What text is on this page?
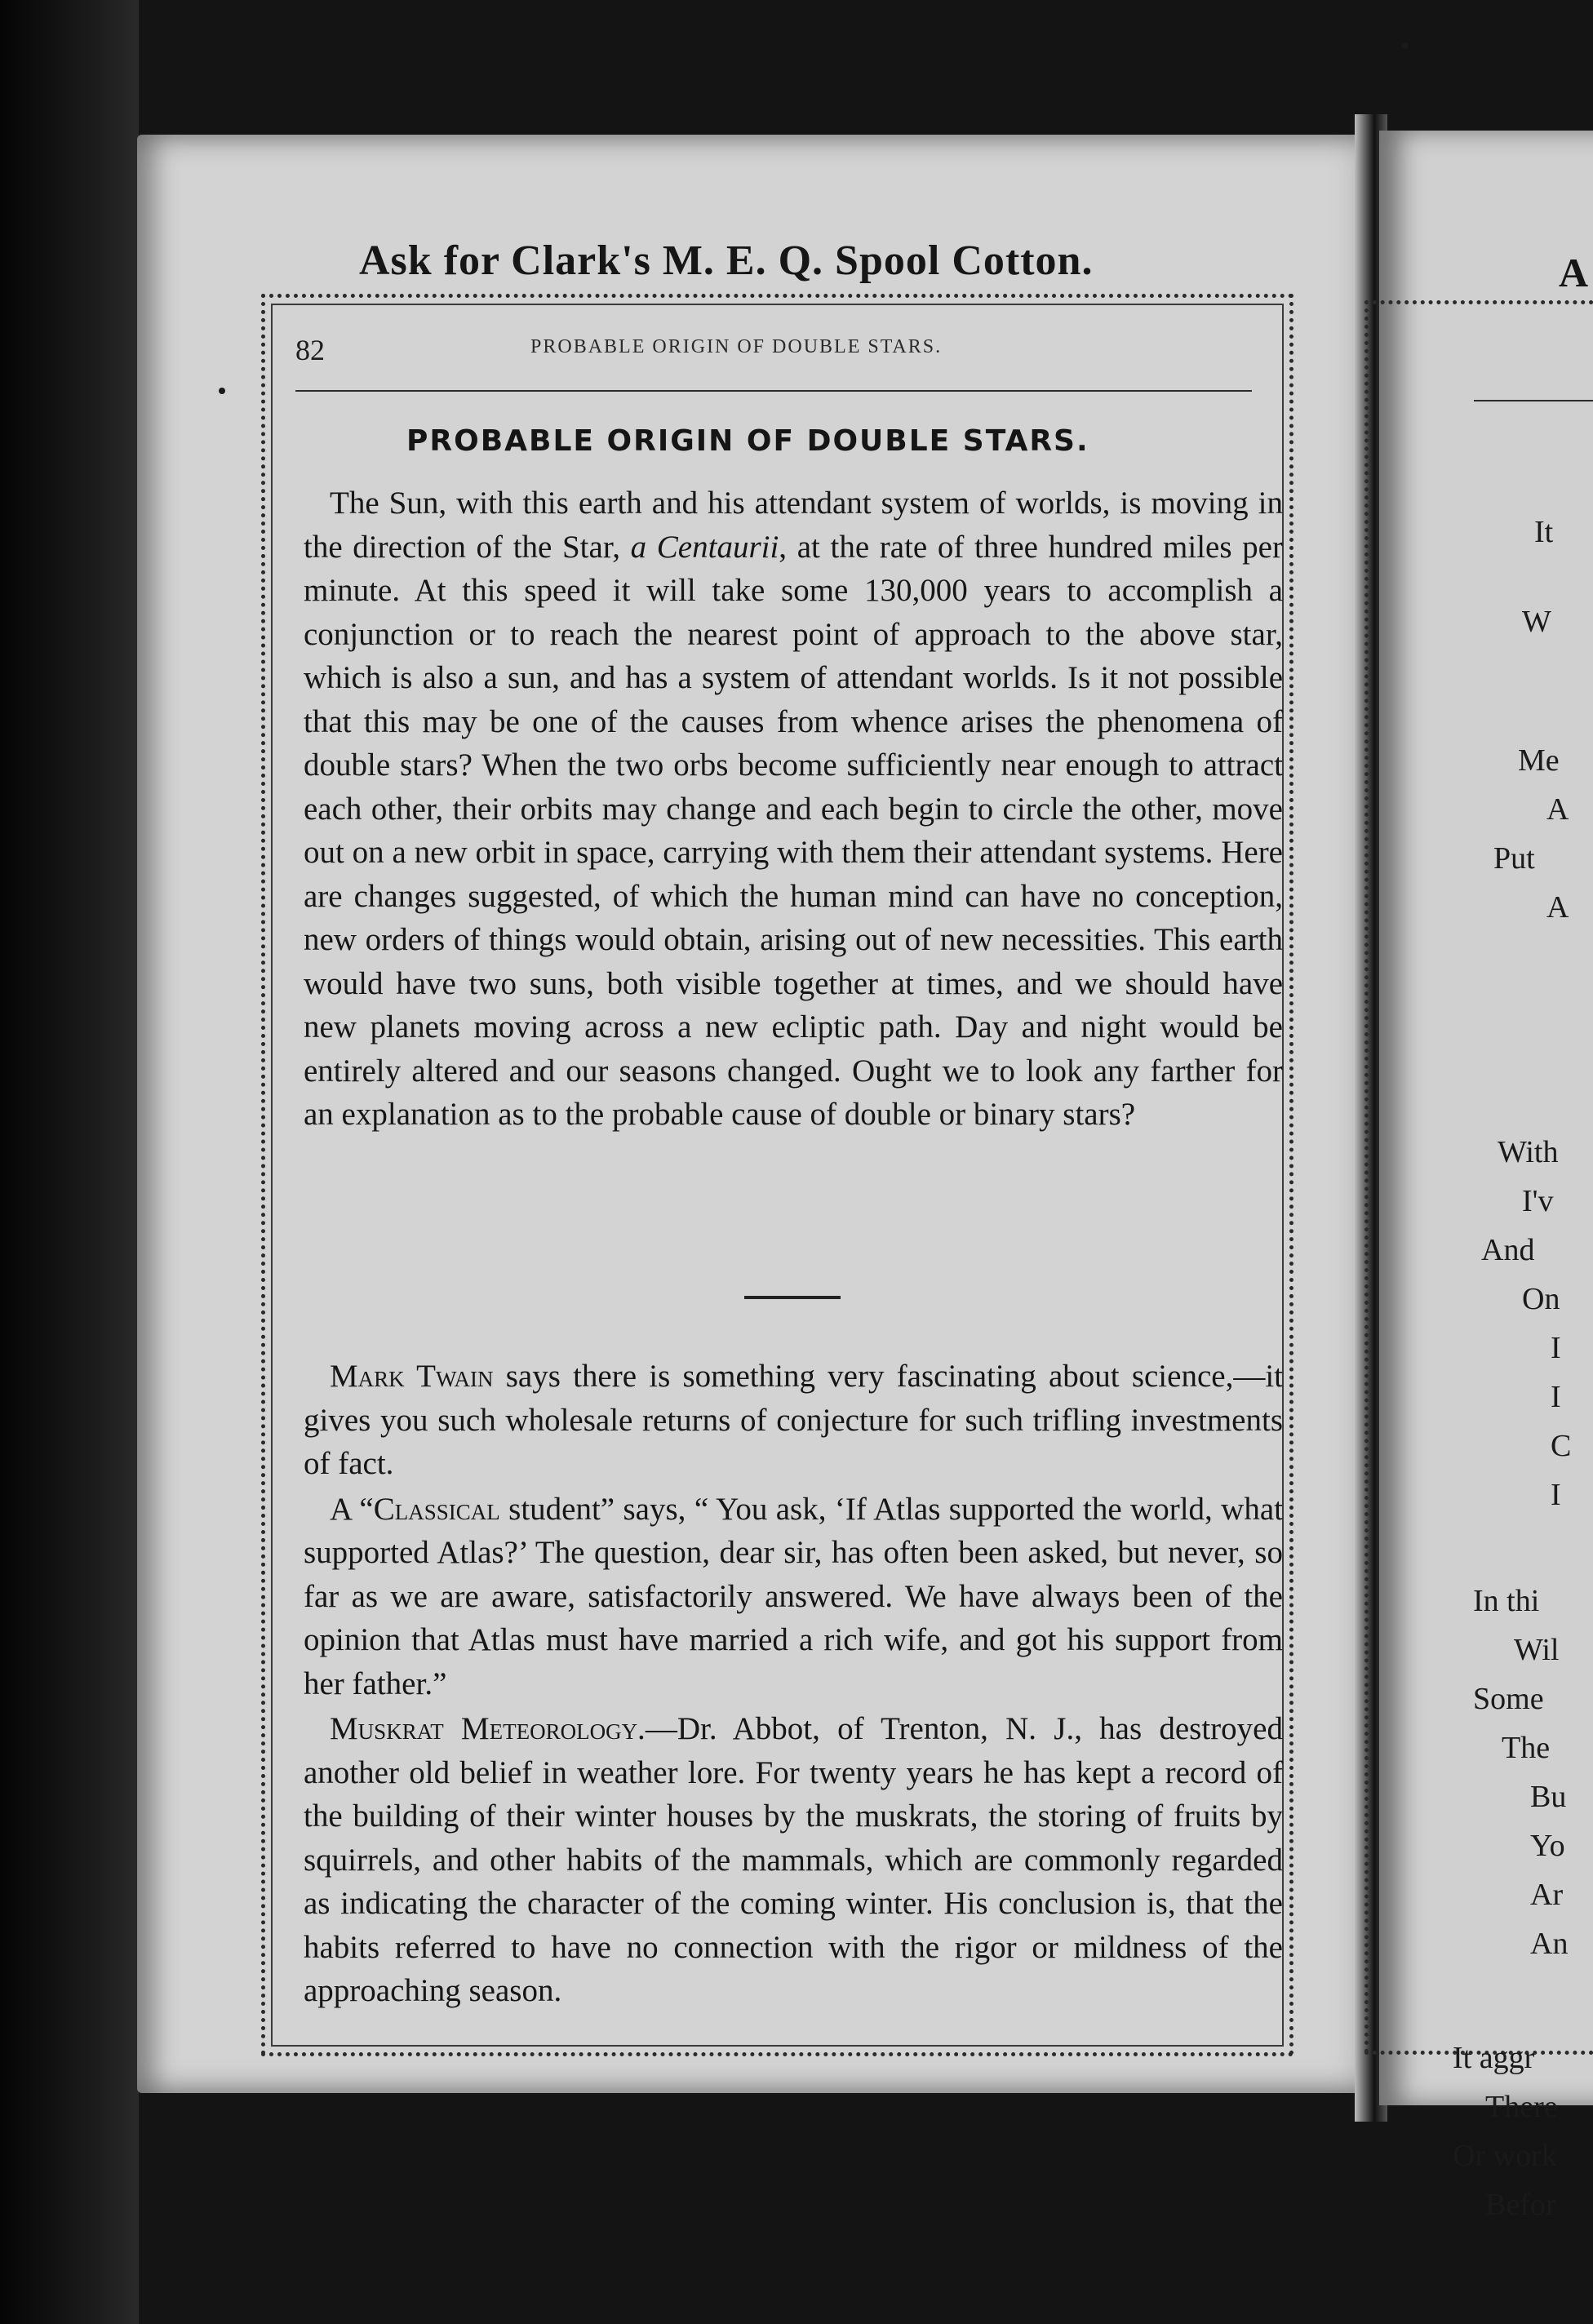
Ask for Clark's M. E. Q. Spool Cotton.	A
82	PROBABLE ORIGIN OF DOUBLE STARS.
PROBABLE ORIGIN OF DOUBLE STARS.

The Sun, with this earth and his attendant system of worlds, is moving in the direction of the Star, a Centaurii, at the rate of three hundred miles per minute. At this speed it will take some 130,000 years to accomplish a conjunction or to reach the nearest point of approach to the above star, which is also a sun, and has a system of attendant worlds. Is it not possible that this may be one of the causes from whence arises the phenomena of double stars? When the two orbs become sufficiently near enough to attract each other, their orbits may change and each begin to circle the other, move out on a new orbit in space, carrying with them their attendant systems. Here are changes suggested, of which the human mind can have no conception, new orders of things would obtain, arising out of new necessities. This earth would have two suns, both visible together at times, and we should have new planets moving across a new ecliptic path. Day and night would be entirely altered and our seasons changed. Ought we to look any farther for an explanation as to the probable cause of double or binary stars?

Mark Twain says there is something very fascinating about science,—it gives you such wholesale returns of conjecture for such trifling investments of fact.

A “Classical student” says, “ You ask, ‘If Atlas supported the world, what supported Atlas?’ The question, dear sir, has often been asked, but never, so far as we are aware, satisfactorily answered. We have always been of the opinion that Atlas must have married a rich wife, and got his support from her father.”

Muskrat Meteorology.—Dr. Abbot, of Trenton, N. J., has destroyed another old belief in weather lore. For twenty years he has kept a record of the building of their winter houses by the muskrats, the storing of fruits by squirrels, and other habits of the mammals, which are commonly regarded as indicating the character of the coming winter. His conclusion is, that the habits referred to have no connection with the rigor or mildness of the approaching season.

It
W
Me
A
Put
A
With
I'v
And
On
I
I
C
I
In thi
Wil
Some
The
Bu
Yo
Ar
An
It aggr
There
Or work
Befor
